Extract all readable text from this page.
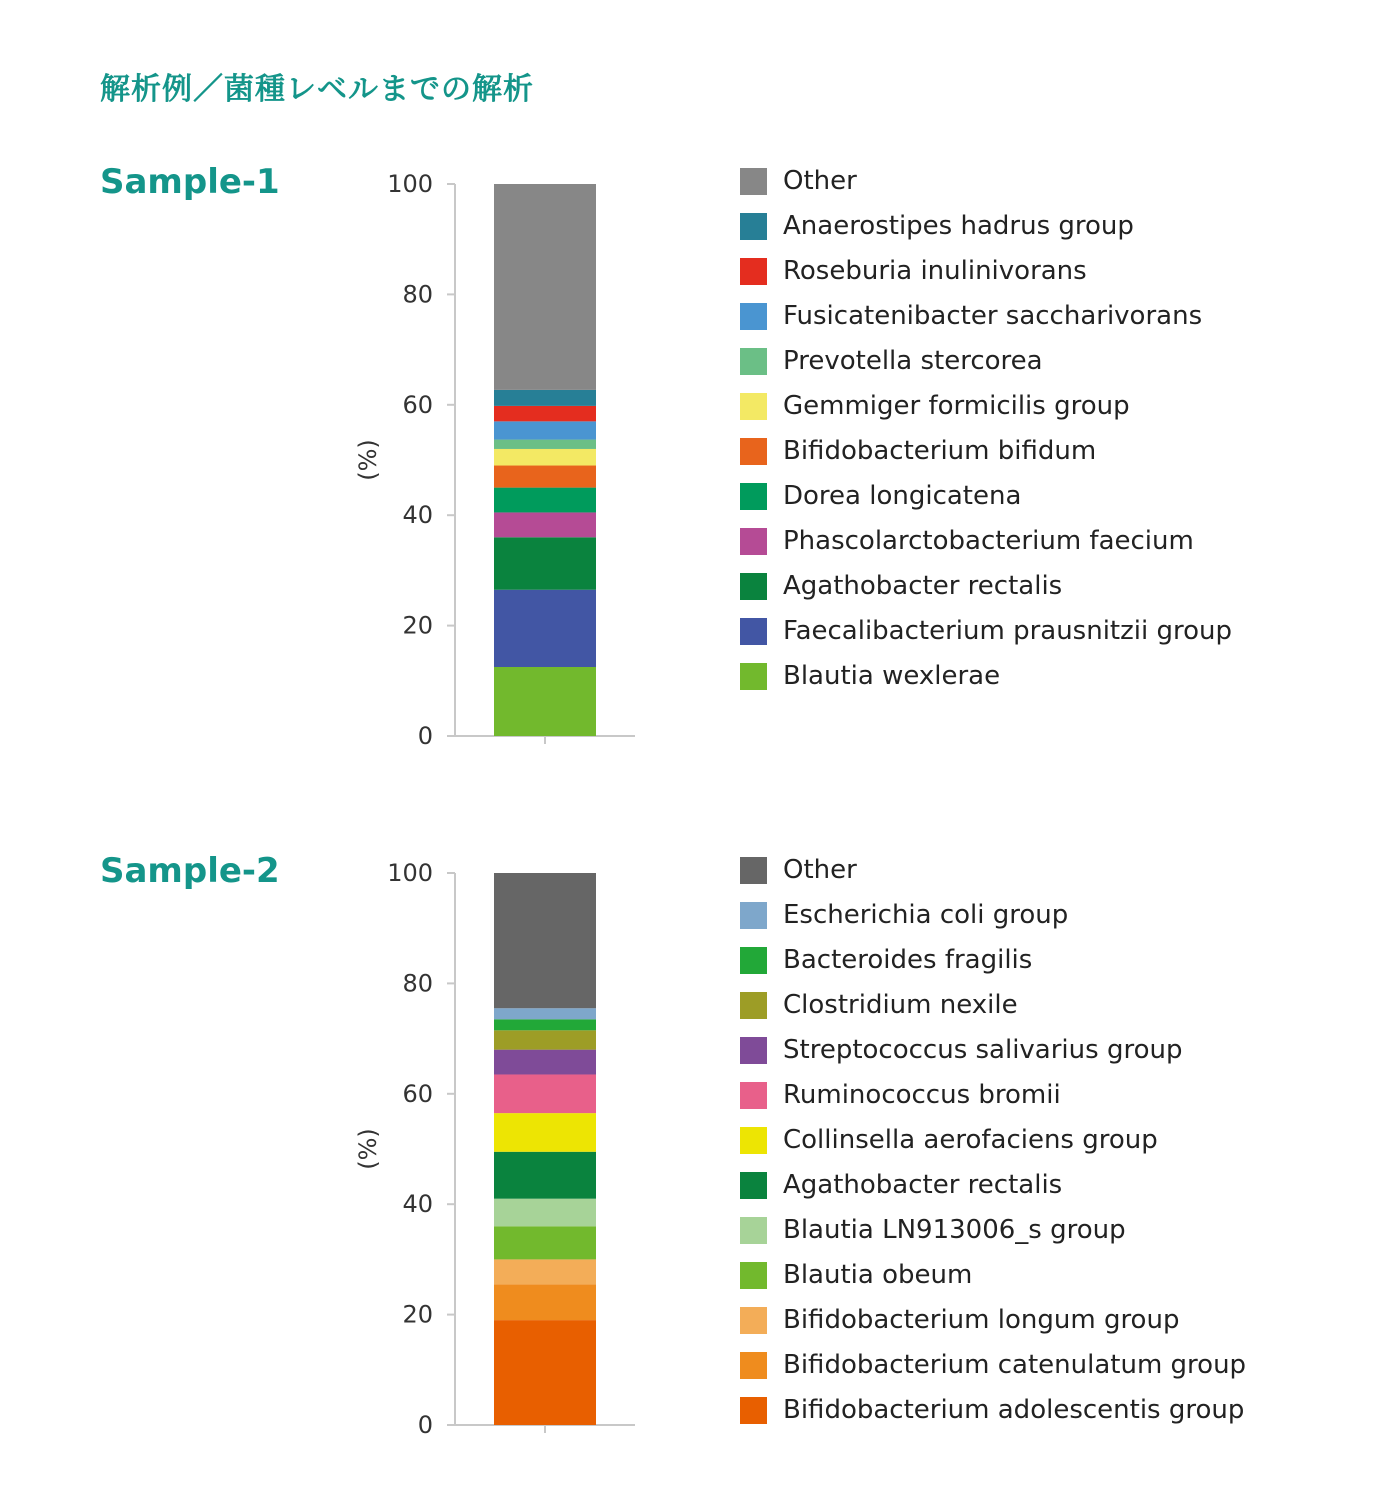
解析例／菌種レベルまでの解析
Sample-1
0
20
40
60
80
100
(%)
Other
Anaerostipes hadrus group
Roseburia inulinivorans
Fusicatenibacter saccharivorans
Prevotella stercorea
Gemmiger formicilis group
Bifidobacterium bifidum
Dorea longicatena
Phascolarctobacterium faecium
Agathobacter rectalis
Faecalibacterium prausnitzii group
Blautia wexlerae
Sample-2
0
20
40
60
80
100
(%)
Other
Escherichia coli group
Bacteroides fragilis
Clostridium nexile
Streptococcus salivarius group
Ruminococcus bromii
Collinsella aerofaciens group
Agathobacter rectalis
Blautia LN913006_s group
Blautia obeum
Bifidobacterium longum group
Bifidobacterium catenulatum group
Bifidobacterium adolescentis group
